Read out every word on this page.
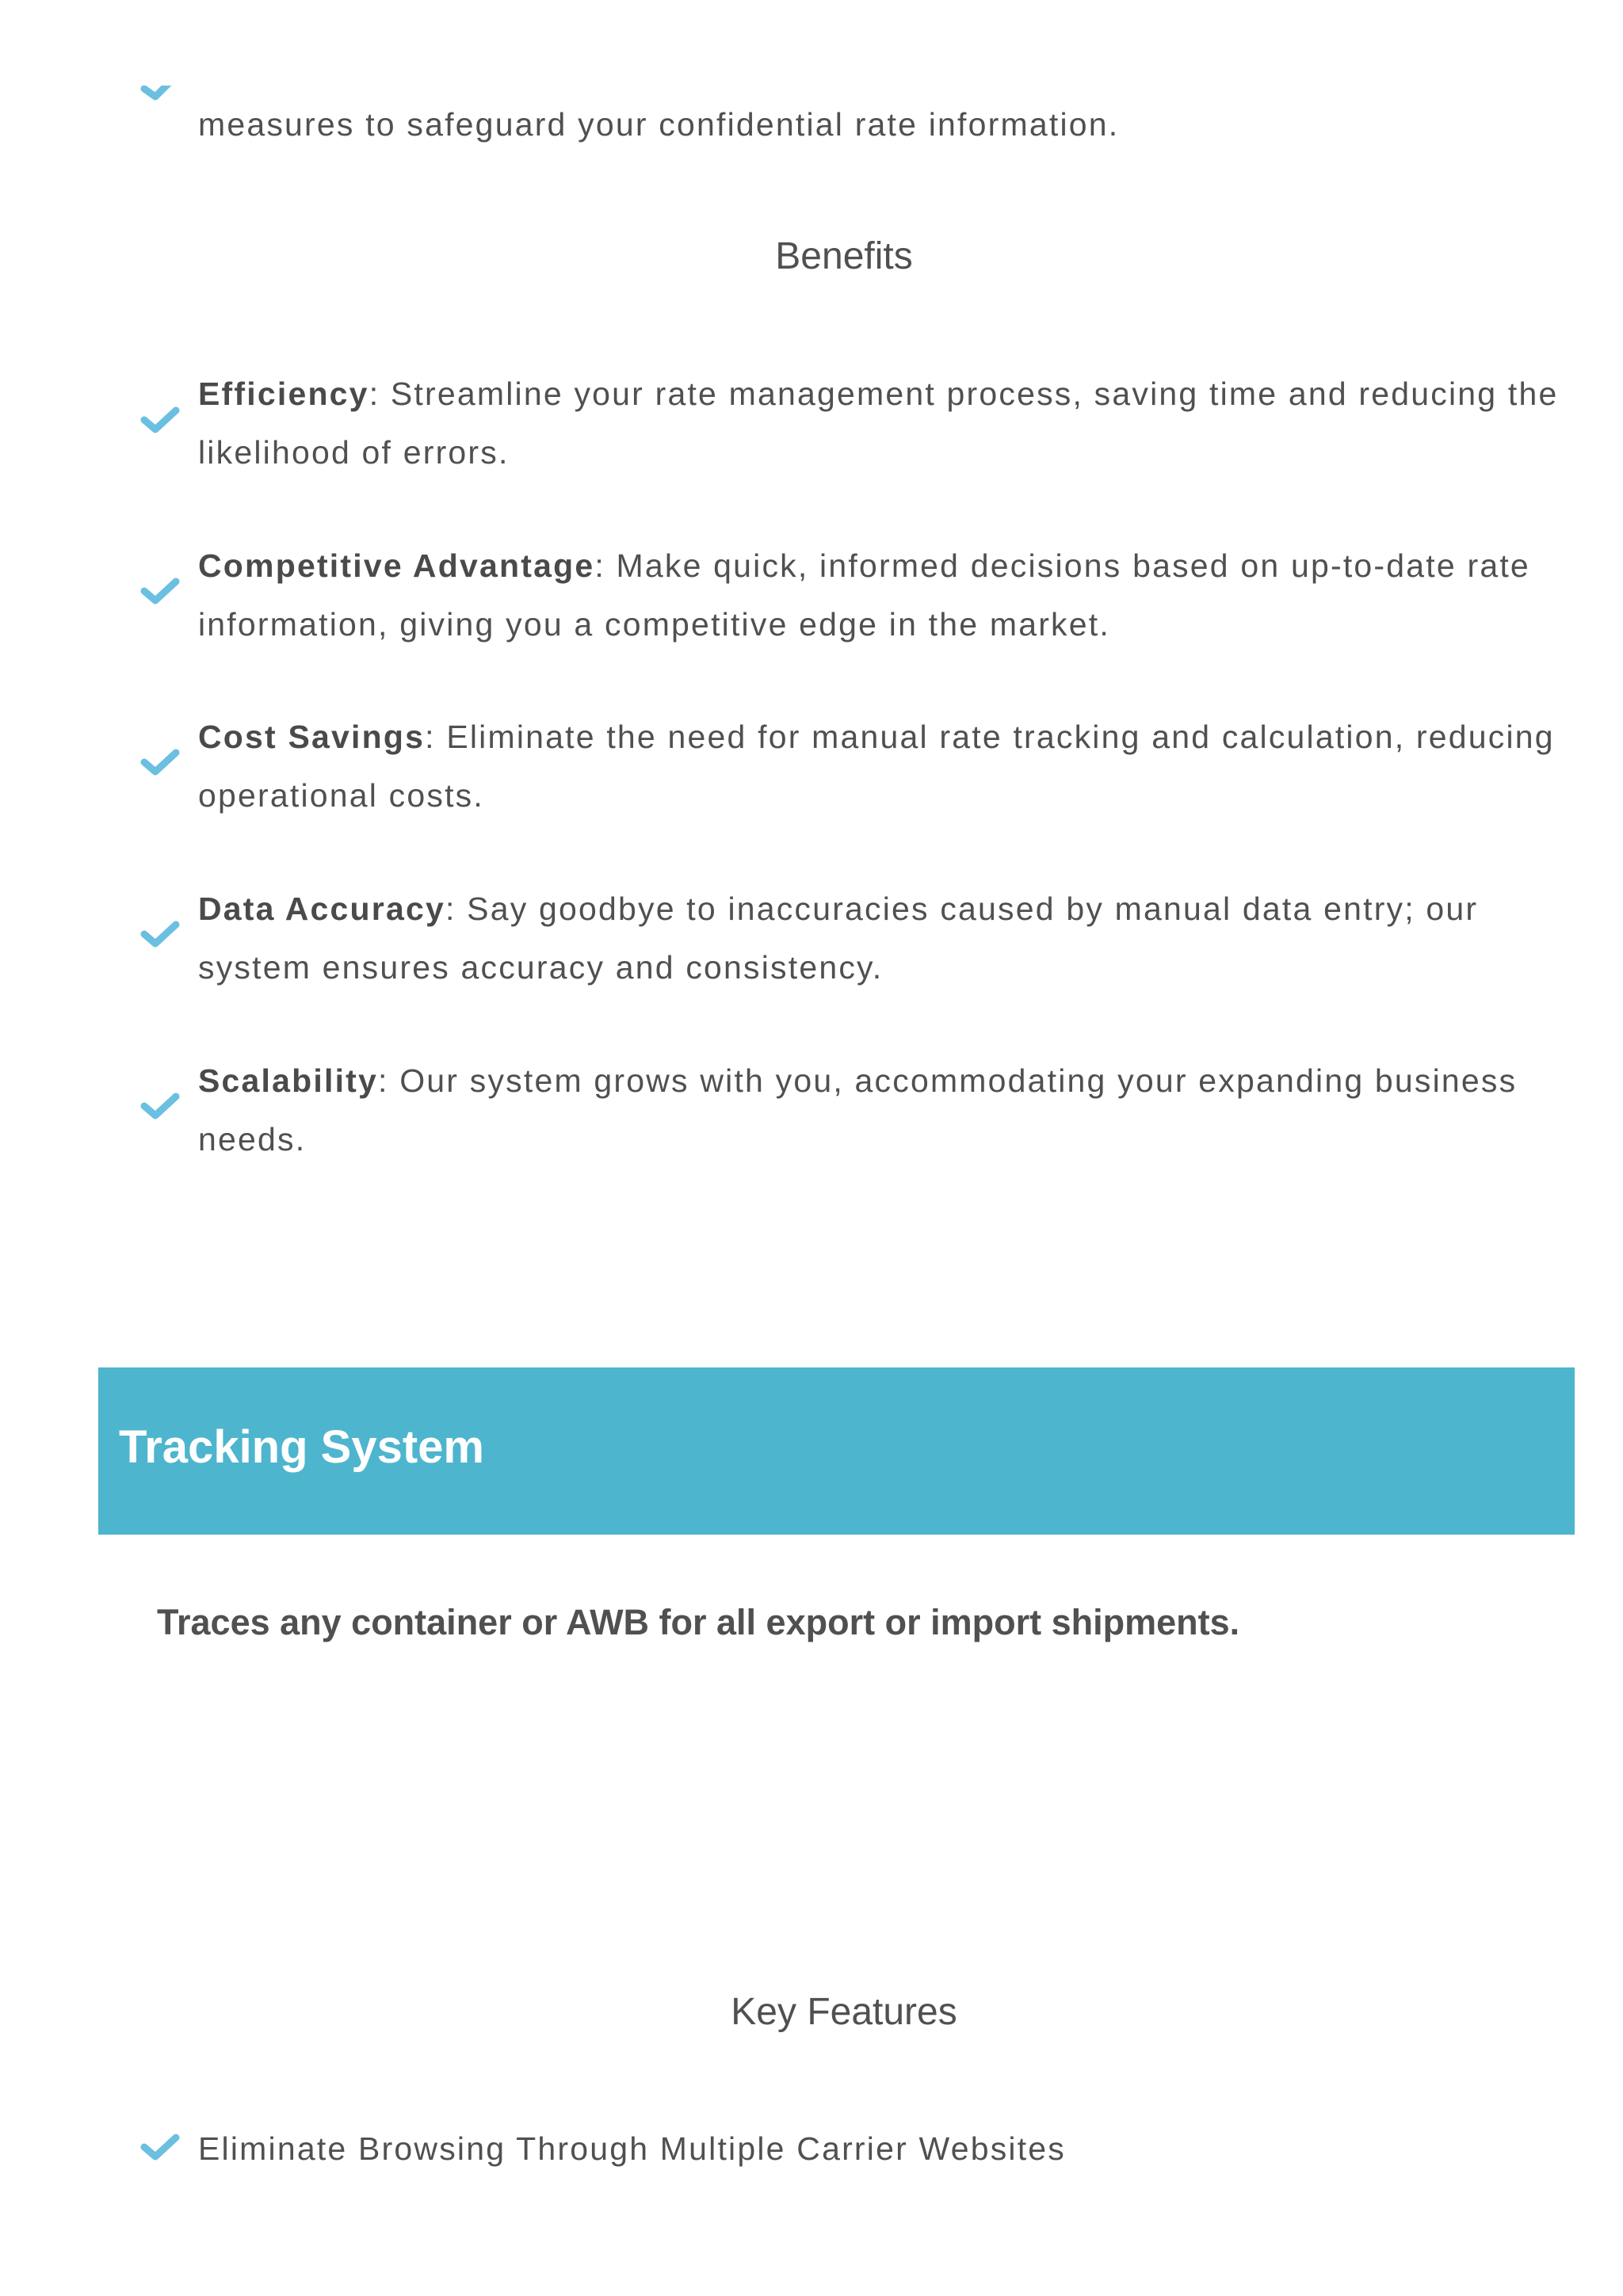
measures to safeguard your confidential rate information.
Benefits
Efficiency: Streamline your rate management process, saving time and reducing the likelihood of errors.
Competitive Advantage: Make quick, informed decisions based on up-to-date rate information, giving you a competitive edge in the market.
Cost Savings: Eliminate the need for manual rate tracking and calculation, reducing operational costs.
Data Accuracy: Say goodbye to inaccuracies caused by manual data entry; our system ensures accuracy and consistency.
Scalability: Our system grows with you, accommodating your expanding business needs.
Tracking System
Traces any container or AWB for all export or import shipments.
Key Features
Eliminate Browsing Through Multiple Carrier Websites
